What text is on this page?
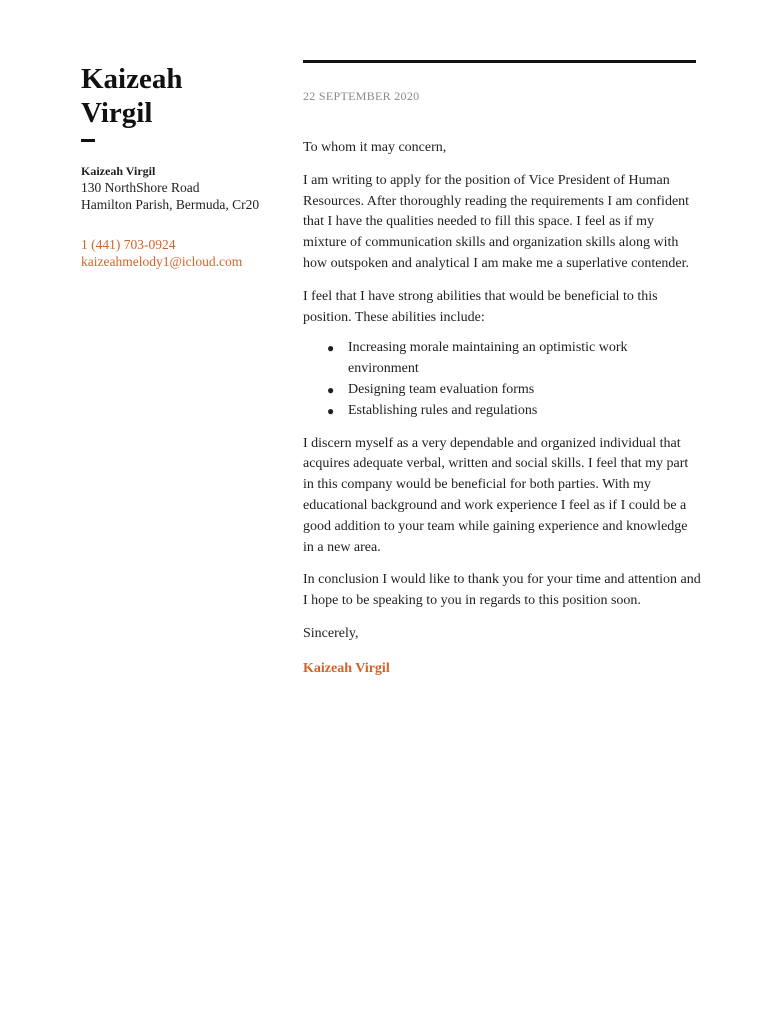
Kaizeah
Virgil
Kaizeah Virgil
130 NorthShore Road
Hamilton Parish, Bermuda, Cr20
1 (441) 703-0924
kaizeahmelody1@icloud.com
22 SEPTEMBER 2020

To whom it may concern,

I am writing to apply for the position of Vice President of Human Resources. After thoroughly reading the requirements I am confident that I have the qualities needed to fill this space. I feel as if my mixture of communication skills and organization skills along with how outspoken and analytical I am make me a superlative contender.

I feel that I have strong abilities that would be beneficial to this position. These abilities include:

● Increasing morale maintaining an optimistic work environment
● Designing team evaluation forms
● Establishing rules and regulations

I discern myself as a very dependable and organized individual that acquires adequate verbal, written and social skills. I feel that my part in this company would be beneficial for both parties. With my educational background and work experience I feel as if I could be a good addition to your team while gaining experience and knowledge in a new area.

In conclusion I would like to thank you for your time and attention and I hope to be speaking to you in regards to this position soon.

Sincerely,

Kaizeah Virgil
